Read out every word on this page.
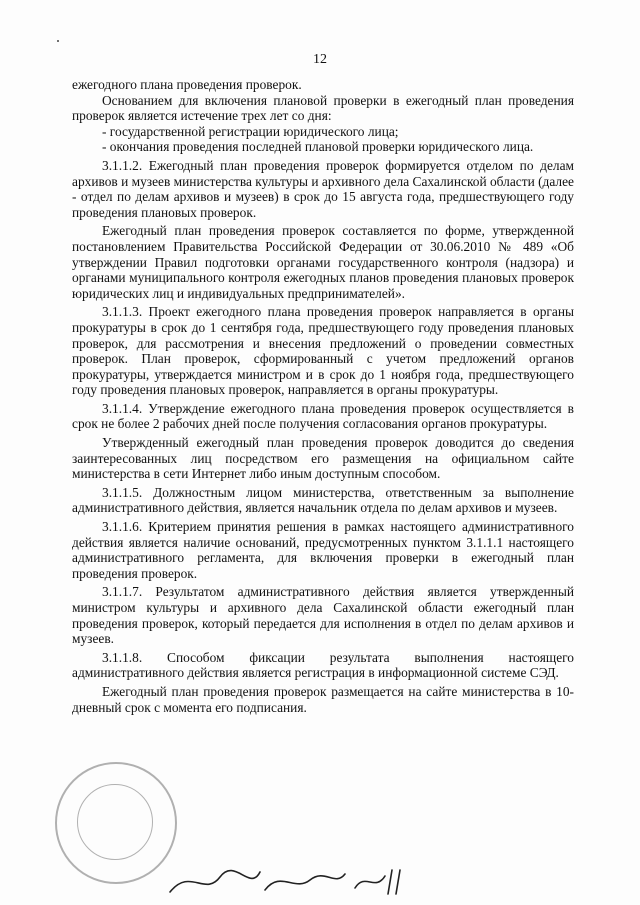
12

ежегодного плана проведения проверок.

Основанием для включения плановой проверки в ежегодный план проведения проверок является истечение трех лет со дня:

- государственной регистрации юридического лица;

- окончания проведения последней плановой проверки юридического лица.

3.1.1.2. Ежегодный план проведения проверок формируется отделом по делам архивов и музеев министерства культуры и архивного дела Сахалинской области (далее - отдел по делам архивов и музеев) в срок до 15 августа года, предшествующего году проведения плановых проверок.

Ежегодный план проведения проверок составляется по форме, утвержденной постановлением Правительства Российской Федерации от 30.06.2010 № 489 «Об утверждении Правил подготовки органами государственного контроля (надзора) и органами муниципального контроля ежегодных планов проведения плановых проверок юридических лиц и индивидуальных предпринимателей».

3.1.1.3. Проект ежегодного плана проведения проверок направляется в органы прокуратуры в срок до 1 сентября года, предшествующего году проведения плановых проверок, для рассмотрения и внесения предложений о проведении совместных проверок. План проверок, сформированный с учетом предложений органов прокуратуры, утверждается министром и в срок до 1 ноября года, предшествующего году проведения плановых проверок, направляется в органы прокуратуры.

3.1.1.4. Утверждение ежегодного плана проведения проверок осуществляется в срок не более 2 рабочих дней после получения согласования органов прокуратуры.

Утвержденный ежегодный план проведения проверок доводится до сведения заинтересованных лиц посредством его размещения на официальном сайте министерства в сети Интернет либо иным доступным способом.

3.1.1.5. Должностным лицом министерства, ответственным за выполнение административного действия, является начальник отдела по делам архивов и музеев.

3.1.1.6. Критерием принятия решения в рамках настоящего административного действия является наличие оснований, предусмотренных пунктом 3.1.1.1 настоящего административного регламента, для включения проверки в ежегодный план проведения проверок.

3.1.1.7. Результатом административного действия является утвержденный министром культуры и архивного дела Сахалинской области ежегодный план проведения проверок, который передается для исполнения в отдел по делам архивов и музеев.

3.1.1.8. Способом фиксации результата выполнения настоящего административного действия является регистрация в информационной системе СЭД.

Ежегодный план проведения проверок размещается на сайте министерства в 10-дневный срок с момента его подписания.
